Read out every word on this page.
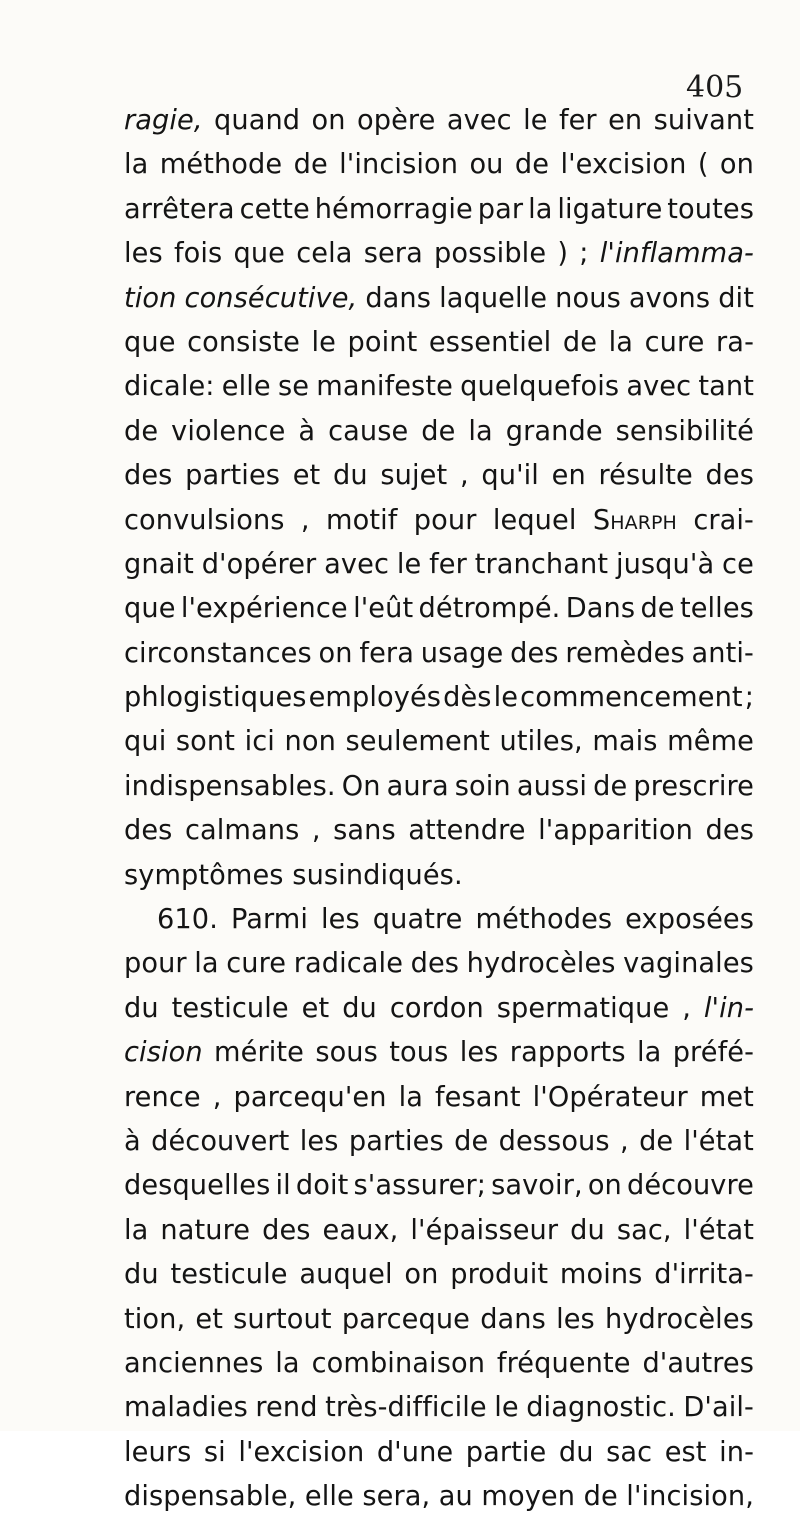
405
ragie, quand on opère avec le fer en suivant
la méthode de l'incision ou de l'excision ( on
arrêtera cette hémorragie par la ligature toutes
les fois que cela sera possible ) ; l'inflamma-
tion consécutive, dans laquelle nous avons dit
que consiste le point essentiel de la cure ra-
dicale: elle se manifeste quelquefois avec tant
de violence à cause de la grande sensibilité
des parties et du sujet , qu'il en résulte des
convulsions , motif pour lequel Sharph crai-
gnait d'opérer avec le fer tranchant jusqu'à ce
que l'expérience l'eût détrompé. Dans de telles
circonstances on fera usage des remèdes anti-
phlogistiques employés dès le commencement ;
qui sont ici non seulement utiles, mais même
indispensables. On aura soin aussi de prescrire
des calmans , sans attendre l'apparition des
symptômes susindiqués.
610. Parmi les quatre méthodes exposées
pour la cure radicale des hydrocèles vaginales
du testicule et du cordon spermatique , l'in-
cision mérite sous tous les rapports la préfé-
rence , parcequ'en la fesant l'Opérateur met
à découvert les parties de dessous , de l'état
desquelles il doit s'assurer; savoir, on découvre
la nature des eaux, l'épaisseur du sac, l'état
du testicule auquel on produit moins d'irrita-
tion, et surtout parceque dans les hydrocèles
anciennes la combinaison fréquente d'autres
maladies rend très-difficile le diagnostic. D'ail-
leurs si l'excision d'une partie du sac est in-
dispensable, elle sera, au moyen de l'incision,
